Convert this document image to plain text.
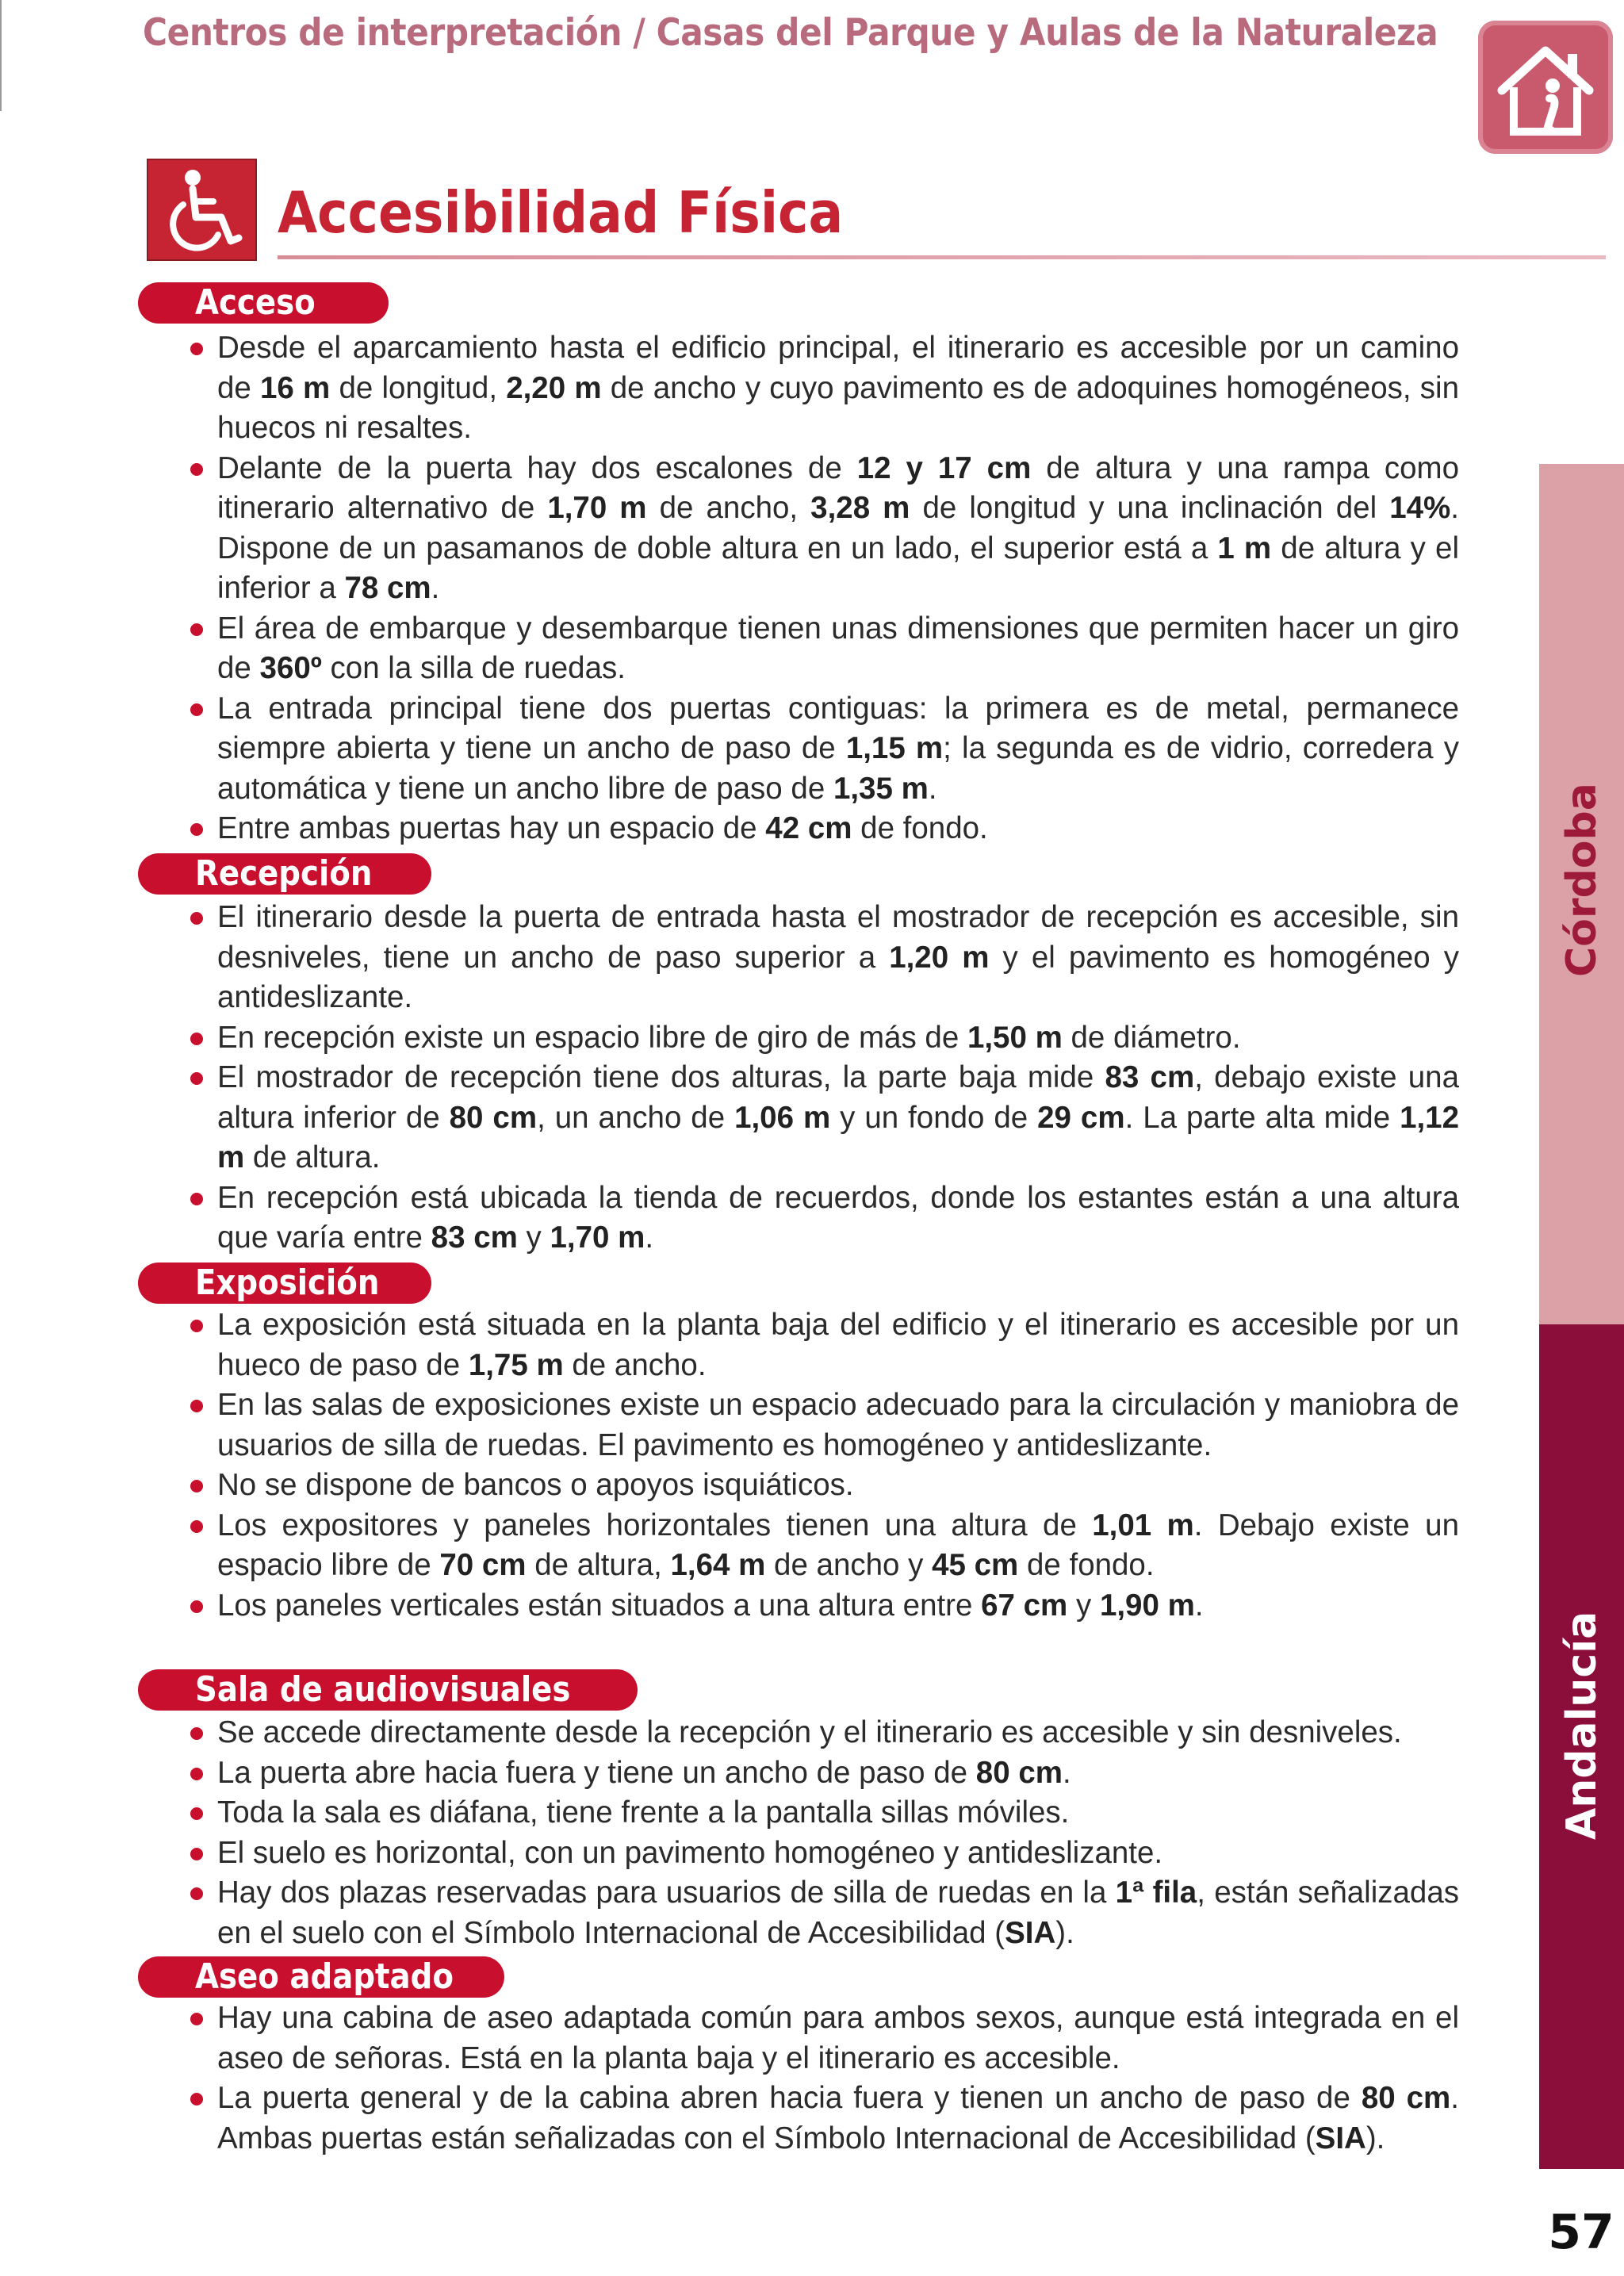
Centros de interpretación / Casas del Parque y Aulas de la Naturaleza
Accesibilidad Física
Acceso
Desde el aparcamiento hasta el edificio principal, el itinerario es accesible por un camino de 16 m de longitud, 2,20 m de ancho y cuyo pavimento es de adoquines homogéneos, sin huecos ni resaltes.
Delante de la puerta hay dos escalones de 12 y 17 cm de altura y una rampa como itinerario alternativo de 1,70 m de ancho, 3,28 m de longitud y una inclinación del 14%. Dispone de un pasamanos de doble altura en un lado, el superior está a 1 m de altura y el inferior a 78 cm.
El área de embarque y desembarque tienen unas dimensiones que permiten hacer un giro de 360º con la silla de ruedas.
La entrada principal tiene dos puertas contiguas: la primera es de metal, permanece siempre abierta y tiene un ancho de paso de 1,15 m; la segunda es de vidrio, corredera y automática y tiene un ancho libre de paso de 1,35 m.
Entre ambas puertas hay un espacio de 42 cm de fondo.
Recepción
El itinerario desde la puerta de entrada hasta el mostrador de recepción es accesible, sin desniveles, tiene un ancho de paso superior a 1,20 m y el pavimento es homogéneo y antideslizante.
En recepción existe un espacio libre de giro de más de 1,50 m de diámetro.
El mostrador de recepción tiene dos alturas, la parte baja mide 83 cm, debajo existe una altura inferior de 80 cm, un ancho de 1,06 m y un fondo de 29 cm. La parte alta mide 1,12 m de altura.
En recepción está ubicada la tienda de recuerdos, donde los estantes están a una altura que varía entre 83 cm y 1,70 m.
Exposición
La exposición está situada en la planta baja del edificio y el itinerario es accesible por un hueco de paso de 1,75 m de ancho.
En las salas de exposiciones existe un espacio adecuado para la circulación y maniobra de usuarios de silla de ruedas. El pavimento es homogéneo y antideslizante.
No se dispone de bancos o apoyos isquiáticos.
Los expositores y paneles horizontales tienen una altura de 1,01 m. Debajo existe un espacio libre de 70 cm de altura, 1,64 m de ancho y 45 cm de fondo.
Los paneles verticales están situados a una altura entre 67 cm y 1,90 m.
Sala de audiovisuales
Se accede directamente desde la recepción y el itinerario es accesible y sin desniveles.
La puerta abre hacia fuera y tiene un ancho de paso de 80 cm.
Toda la sala es diáfana, tiene frente a la pantalla sillas móviles.
El suelo es horizontal, con un pavimento homogéneo y antideslizante.
Hay dos plazas reservadas para usuarios de silla de ruedas en la 1ª fila, están señalizadas en el suelo con el Símbolo Internacional de Accesibilidad (SIA).
Aseo adaptado
Hay una cabina de aseo adaptada común para ambos sexos, aunque está integrada en el aseo de señoras. Está en la planta baja y el itinerario es accesible.
La puerta general y de la cabina abren hacia fuera y tienen un ancho de paso de 80 cm. Ambas puertas están señalizadas con el Símbolo Internacional de Accesibilidad (SIA).
Córdoba
Andalucía
57
